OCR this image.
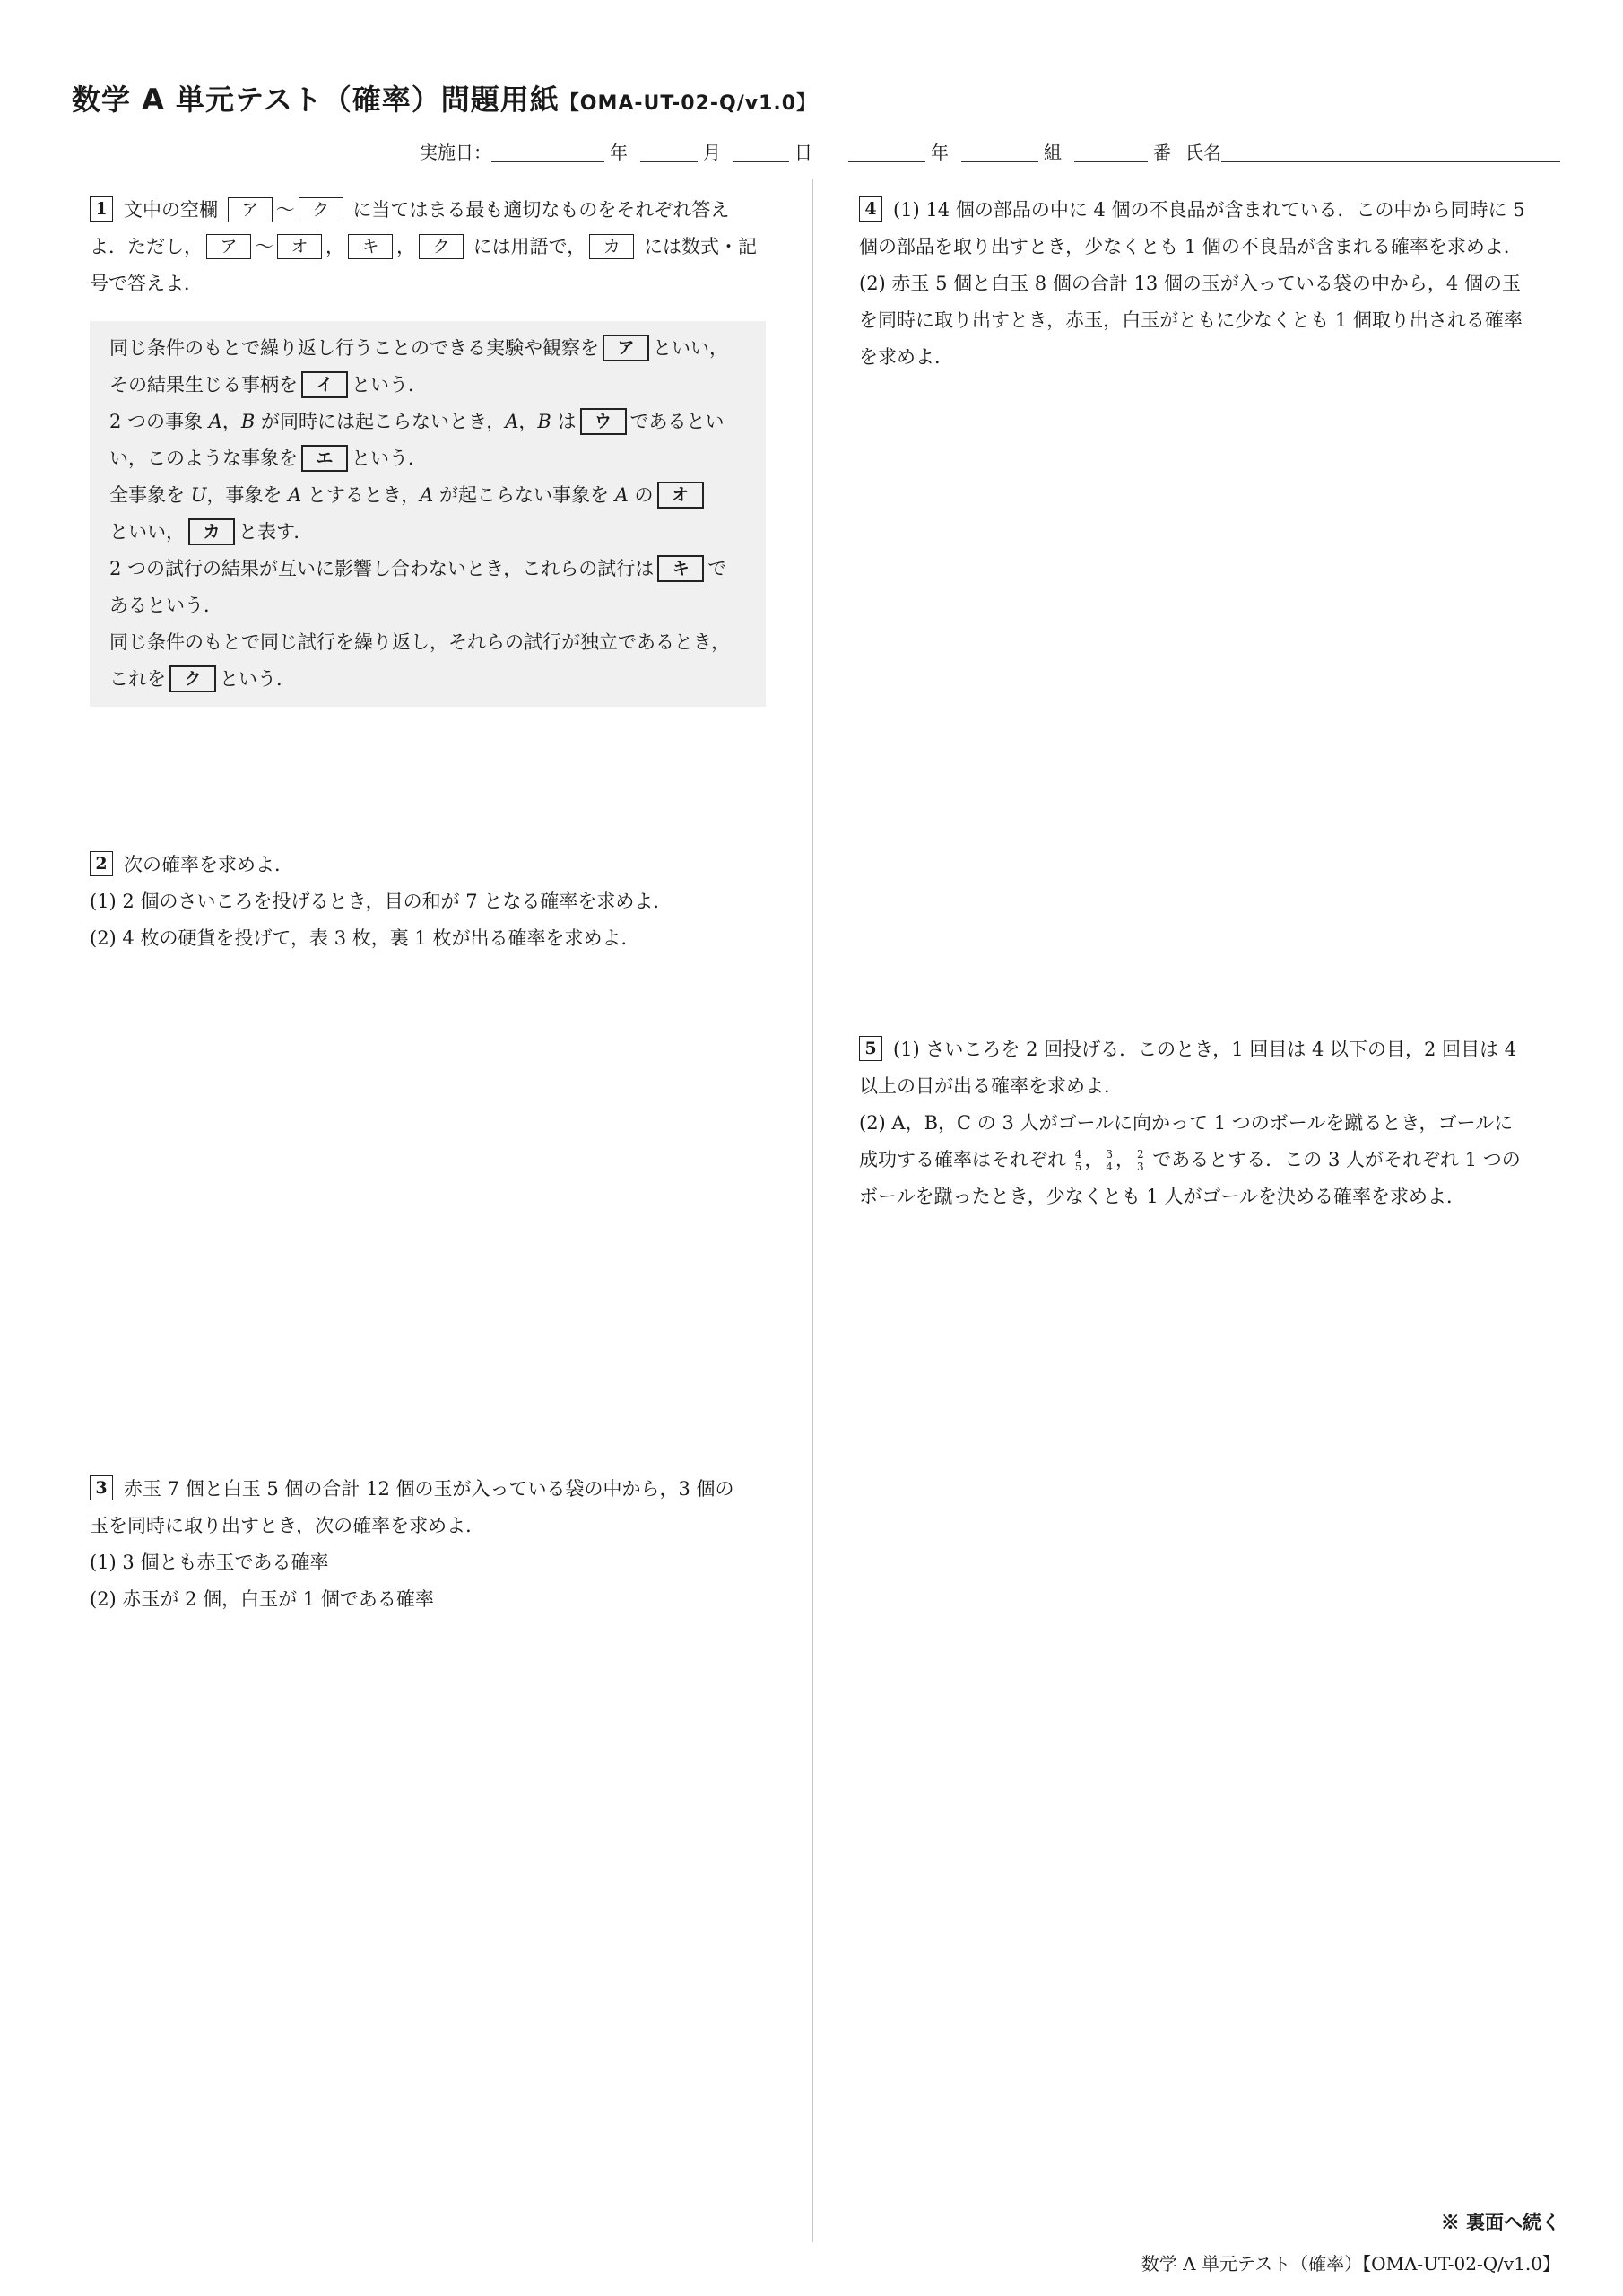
数学 A 単元テスト（確率）問題用紙【OMA-UT-02-Q/v1.0】
実施日：	年	月	日	年	組	番 氏名
1 文中の空欄 ア 〜 ク に当てはまる最も適切なものをそれぞれ答え
よ．ただし， ア 〜 オ ， キ ， ク には用語で， カ には数式・記
号で答えよ．
同じ条件のもとで繰り返し行うことのできる実験や観察を ア といい，
その結果生じる事柄を イ という．
2 つの事象 A，B が同時には起こらないとき，A，B は ウ であるとい
い，このような事象を エ という．
全事象を U，事象を A とするとき，A が起こらない事象を A の オ
といい， カ と表す．
2 つの試行の結果が互いに影響し合わないとき，これらの試行は キ で
あるという．
同じ条件のもとで同じ試行を繰り返し，それらの試行が独立であるとき，
これを ク という．
2 次の確率を求めよ．
(1) 2 個のさいころを投げるとき，目の和が 7 となる確率を求めよ．
(2) 4 枚の硬貨を投げて，表 3 枚，裏 1 枚が出る確率を求めよ．
3 赤玉 7 個と白玉 5 個の合計 12 個の玉が入っている袋の中から，3 個の
玉を同時に取り出すとき，次の確率を求めよ．
(1) 3 個とも赤玉である確率
(2) 赤玉が 2 個，白玉が 1 個である確率
4 (1) 14 個の部品の中に 4 個の不良品が含まれている．この中から同時に 5
個の部品を取り出すとき，少なくとも 1 個の不良品が含まれる確率を求めよ．
(2) 赤玉 5 個と白玉 8 個の合計 13 個の玉が入っている袋の中から，4 個の玉
を同時に取り出すとき，赤玉，白玉がともに少なくとも 1 個取り出される確率
を求めよ．
5 (1) さいころを 2 回投げる．このとき，1 回目は 4 以下の目，2 回目は 4
以上の目が出る確率を求めよ．
(2) A，B，C の 3 人がゴールに向かって 1 つのボールを蹴るとき，ゴールに
成功する確率はそれぞれ $\frac{4}{5}$ ， $\frac{3}{4}$ ， $\frac{2}{3}$ であるとする．この 3 人がそれぞれ 1 つの
ボールを蹴ったとき，少なくとも 1 人がゴールを決める確率を求めよ．
※ 裏面へ続く
数学 A 単元テスト（確率）【OMA-UT-02-Q/v1.0】
